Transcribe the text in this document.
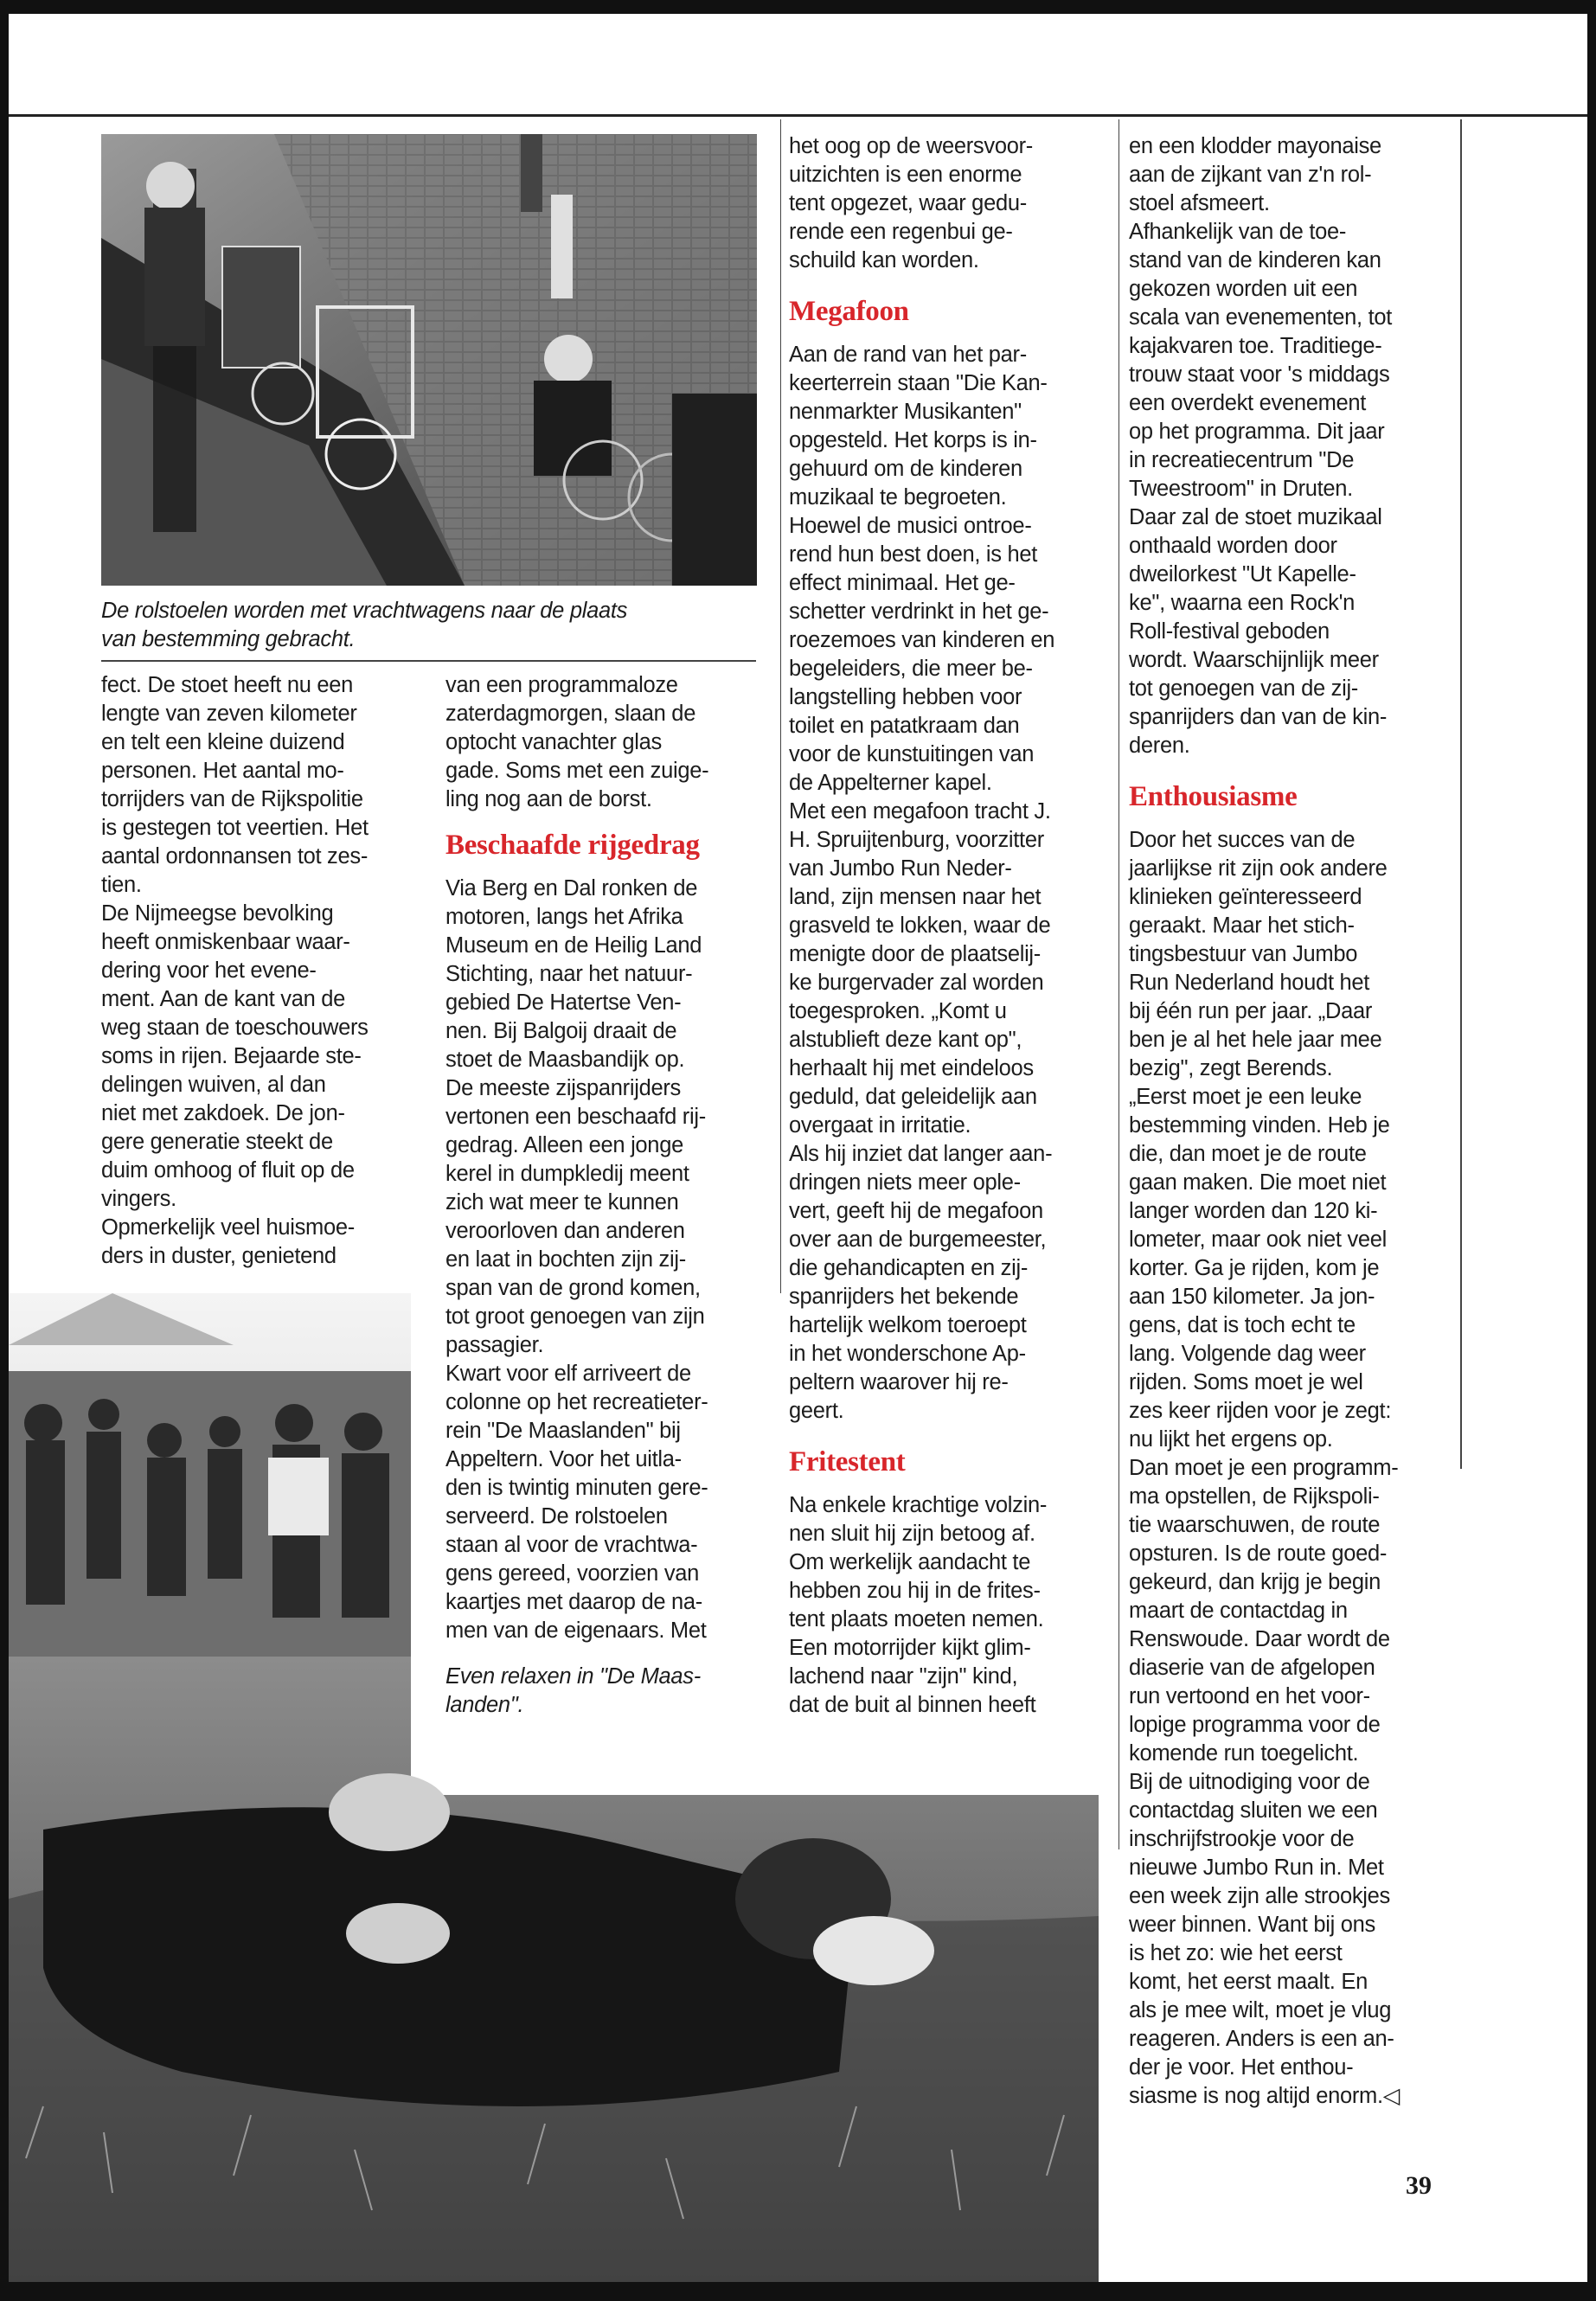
De rolstoelen worden met vrachtwagens naar de plaats
van bestemming gebracht.

fect. De stoet heeft nu een
lengte van zeven kilometer
en telt een kleine duizend
personen. Het aantal mo-
torrijders van de Rijkspolitie
is gestegen tot veertien. Het
aantal ordonnansen tot zes-
tien.
De Nijmeegse bevolking
heeft onmiskenbaar waar-
dering voor het evene-
ment. Aan de kant van de
weg staan de toeschouwers
soms in rijen. Bejaarde ste-
delingen wuiven, al dan
niet met zakdoek. De jon-
gere generatie steekt de
duim omhoog of fluit op de
vingers.
Opmerkelijk veel huismoe-
ders in duster, genietend

van een programmaloze
zaterdagmorgen, slaan de
optocht vanachter glas
gade. Soms met een zuige-
ling nog aan de borst.

Beschaafde rijgedrag

Via Berg en Dal ronken de
motoren, langs het Afrika
Museum en de Heilig Land
Stichting, naar het natuur-
gebied De Hatertse Ven-
nen. Bij Balgoij draait de
stoet de Maasbandijk op.
De meeste zijspanrijders
vertonen een beschaafd rij-
gedrag. Alleen een jonge
kerel in dumpkledij meent
zich wat meer te kunnen
veroorloven dan anderen
en laat in bochten zijn zij-
span van de grond komen,
tot groot genoegen van zijn
passagier.
Kwart voor elf arriveert de
colonne op het recreatieter-
rein "De Maaslanden" bij
Appeltern. Voor het uitla-
den is twintig minuten gere-
serveerd. De rolstoelen
staan al voor de vrachtwa-
gens gereed, voorzien van
kaartjes met daarop de na-
men van de eigenaars. Met

Even relaxen in "De Maas-
landen".

het oog op de weersvoor-
uitzichten is een enorme
tent opgezet, waar gedu-
rende een regenbui ge-
schuild kan worden.

Megafoon

Aan de rand van het par-
keerterrein staan "Die Kan-
nenmarkter Musikanten"
opgesteld. Het korps is in-
gehuurd om de kinderen
muzikaal te begroeten.
Hoewel de musici ontroe-
rend hun best doen, is het
effect minimaal. Het ge-
schetter verdrinkt in het ge-
roezemoes van kinderen en
begeleiders, die meer be-
langstelling hebben voor
toilet en patatkraam dan
voor de kunstuitingen van
de Appelterner kapel.
Met een megafoon tracht J.
H. Spruijtenburg, voorzitter
van Jumbo Run Neder-
land, zijn mensen naar het
grasveld te lokken, waar de
menigte door de plaatselij-
ke burgervader zal worden
toegesproken. „Komt u
alstublieft deze kant op",
herhaalt hij met eindeloos
geduld, dat geleidelijk aan
overgaat in irritatie.
Als hij inziet dat langer aan-
dringen niets meer ople-
vert, geeft hij de megafoon
over aan de burgemeester,
die gehandicapten en zij-
spanrijders het bekende
hartelijk welkom toeroept
in het wonderschone Ap-
peltern waarover hij re-
geert.

Fritestent

Na enkele krachtige volzin-
nen sluit hij zijn betoog af.
Om werkelijk aandacht te
hebben zou hij in de frites-
tent plaats moeten nemen.
Een motorrijder kijkt glim-
lachend naar "zijn" kind,
dat de buit al binnen heeft

en een klodder mayonaise
aan de zijkant van z'n rol-
stoel afsmeert.
Afhankelijk van de toe-
stand van de kinderen kan
gekozen worden uit een
scala van evenementen, tot
kajakvaren toe. Traditiege-
trouw staat voor 's middags
een overdekt evenement
op het programma. Dit jaar
in recreatiecentrum "De
Tweestroom" in Druten.
Daar zal de stoet muzikaal
onthaald worden door
dweilorkest "Ut Kapelle-
ke", waarna een Rock'n
Roll-festival geboden
wordt. Waarschijnlijk meer
tot genoegen van de zij-
spanrijders dan van de kin-
deren.

Enthousiasme

Door het succes van de
jaarlijkse rit zijn ook andere
klinieken geïnteresseerd
geraakt. Maar het stich-
tingsbestuur van Jumbo
Run Nederland houdt het
bij één run per jaar. „Daar
ben je al het hele jaar mee
bezig", zegt Berends.
„Eerst moet je een leuke
bestemming vinden. Heb je
die, dan moet je de route
gaan maken. Die moet niet
langer worden dan 120 ki-
lometer, maar ook niet veel
korter. Ga je rijden, kom je
aan 150 kilometer. Ja jon-
gens, dat is toch echt te
lang. Volgende dag weer
rijden. Soms moet je wel
zes keer rijden voor je zegt:
nu lijkt het ergens op.
Dan moet je een programm-
ma opstellen, de Rijkspoli-
tie waarschuwen, de route
opsturen. Is de route goed-
gekeurd, dan krijg je begin
maart de contactdag in
Renswoude. Daar wordt de
diaserie van de afgelopen
run vertoond en het voor-
lopige programma voor de
komende run toegelicht.
Bij de uitnodiging voor de
contactdag sluiten we een
inschrijfstrookje voor de
nieuwe Jumbo Run in. Met
een week zijn alle strookjes
weer binnen. Want bij ons
is het zo: wie het eerst
komt, het eerst maalt. En
als je mee wilt, moet je vlug
reageren. Anders is een an-
der je voor. Het enthou-
siasme is nog altijd enorm.◁

39
